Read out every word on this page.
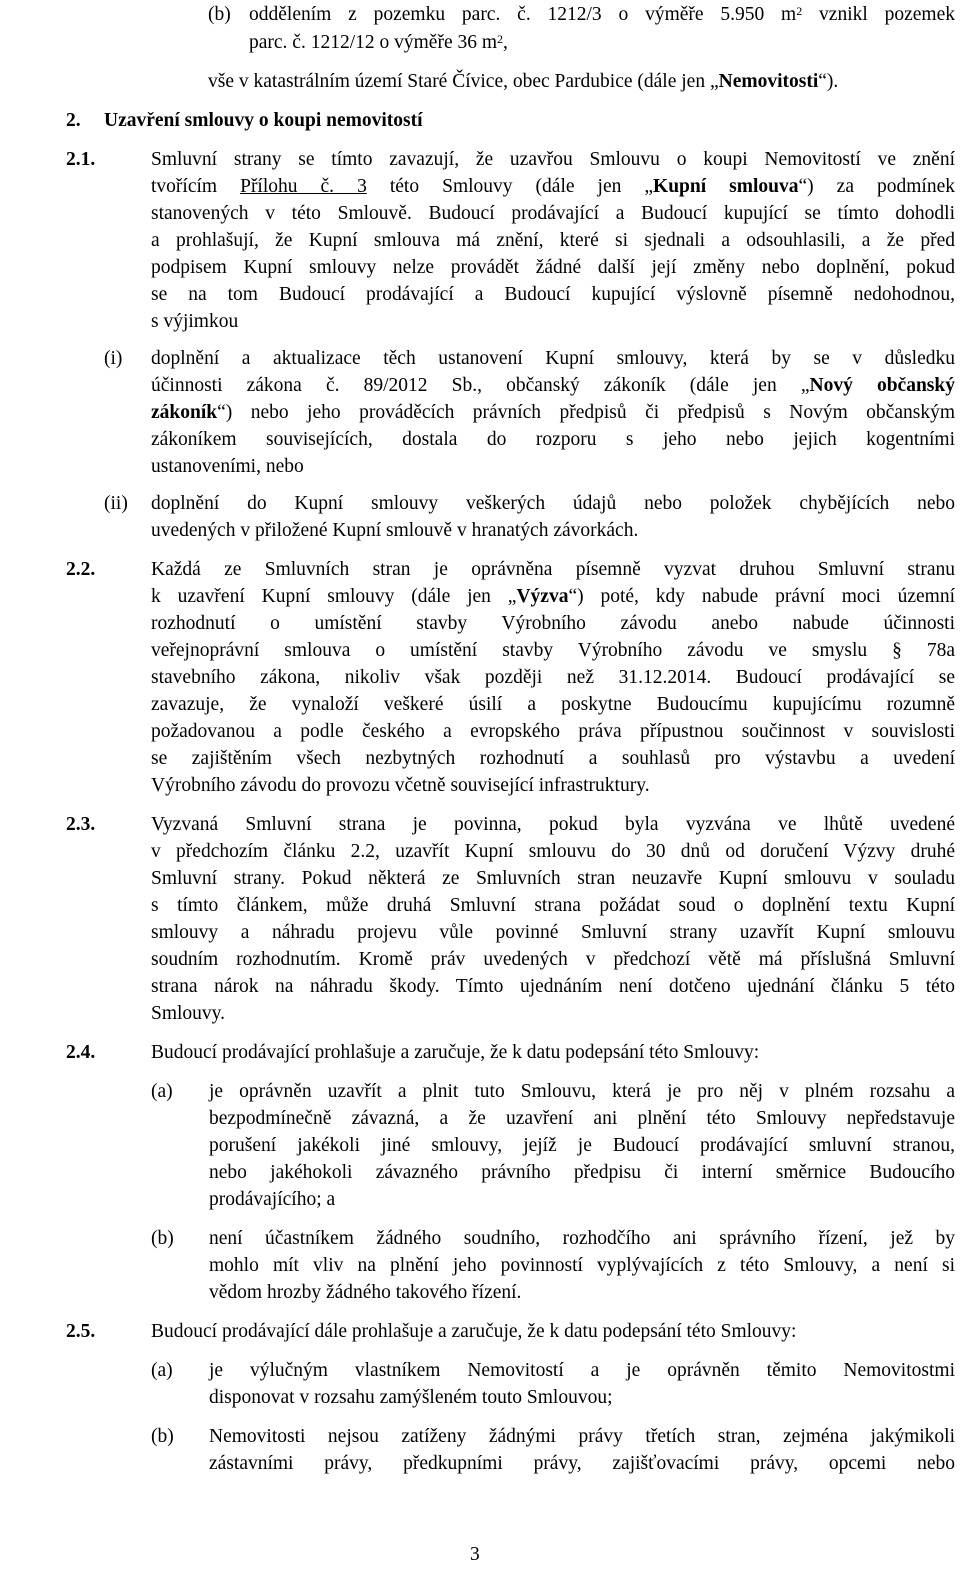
(b) oddělením z pozemku parc. č. 1212/3 o výměře 5.950 $m^2$ vznikl pozemek
parc. č. 1212/12 o výměře 36 $m^2$,
vše v katastrálním území Staré Čívice, obec Pardubice (dále jen „Nemovitosti“).
2. Uzavření smlouvy o koupi nemovitostí
2.1.	Smluvní strany se tímto zavazují, že uzavřou Smlouvu o koupi Nemovitostí ve znění
tvořícím Přílohu č. 3 této Smlouvy (dále jen „Kupní smlouva“) za podmínek
stanovených v této Smlouvě. Budoucí prodávající a Budoucí kupující se tímto dohodli
a prohlašují, že Kupní smlouva má znění, které si sjednali a odsouhlasili, a že před
podpisem Kupní smlouvy nelze provádět žádné další její změny nebo doplnění, pokud
se na tom Budoucí prodávající a Budoucí kupující výslovně písemně nedohodnou,
s výjimkou
(i) doplnění a aktualizace těch ustanovení Kupní smlouvy, která by se v důsledku
účinnosti zákona č. 89/2012 Sb., občanský zákoník (dále jen „Nový občanský
zákoník“) nebo jeho prováděcích právních předpisů či předpisů s Novým občanským
zákoníkem souvisejících, dostala do rozporu s jeho nebo jejich kogentními
ustanoveními, nebo
(ii) doplnění do Kupní smlouvy veškerých údajů nebo položek chybějících nebo
uvedených v přiložené Kupní smlouvě v hranatých závorkách.
2.2.	Každá ze Smluvních stran je oprávněna písemně vyzvat druhou Smluvní stranu
k uzavření Kupní smlouvy (dále jen „Výzva“) poté, kdy nabude právní moci územní
rozhodnutí o umístění stavby Výrobního závodu anebo nabude účinnosti
veřejnoprávní smlouva o umístění stavby Výrobního závodu ve smyslu § 78a
stavebního zákona, nikoliv však později než 31.12.2014. Budoucí prodávající se
zavazuje, že vynaloží veškeré úsilí a poskytne Budoucímu kupujícímu rozumně
požadovanou a podle českého a evropského práva přípustnou součinnost v souvislosti
se zajištěním všech nezbytných rozhodnutí a souhlasů pro výstavbu a uvedení
Výrobního závodu do provozu včetně související infrastruktury.
2.3.	Vyzvaná Smluvní strana je povinna, pokud byla vyzvána ve lhůtě uvedené
v předchozím článku 2.2, uzavřít Kupní smlouvu do 30 dnů od doručení Výzvy druhé
Smluvní strany. Pokud některá ze Smluvních stran neuzavře Kupní smlouvu v souladu
s tímto článkem, může druhá Smluvní strana požádat soud o doplnění textu Kupní
smlouvy a náhradu projevu vůle povinné Smluvní strany uzavřít Kupní smlouvu
soudním rozhodnutím. Kromě práv uvedených v předchozí větě má příslušná Smluvní
strana nárok na náhradu škody. Tímto ujednáním není dotčeno ujednání článku 5 této
Smlouvy.
2.4.	Budoucí prodávající prohlašuje a zaručuje, že k datu podepsání této Smlouvy:
(a) je oprávněn uzavřít a plnit tuto Smlouvu, která je pro něj v plném rozsahu a
bezpodmínečně závazná, a že uzavření ani plnění této Smlouvy nepředstavuje
porušení jakékoli jiné smlouvy, jejíž je Budoucí prodávající smluvní stranou,
nebo jakéhokoli závazného právního předpisu či interní směrnice Budoucího
prodávajícího; a
(b) není účastníkem žádného soudního, rozhodčího ani správního řízení, jež by
mohlo mít vliv na plnění jeho povinností vyplývajících z této Smlouvy, a není si
vědom hrozby žádného takového řízení.
2.5.	Budoucí prodávající dále prohlašuje a zaručuje, že k datu podepsání této Smlouvy:
(a) je výlučným vlastníkem Nemovitostí a je oprávněn těmito Nemovitostmi
disponovat v rozsahu zamýšleném touto Smlouvou;
(b) Nemovitosti nejsou zatíženy žádnými právy třetích stran, zejména jakýmikoli
zástavními právy, předkupními právy, zajišťovacími právy, opcemi nebo
3
